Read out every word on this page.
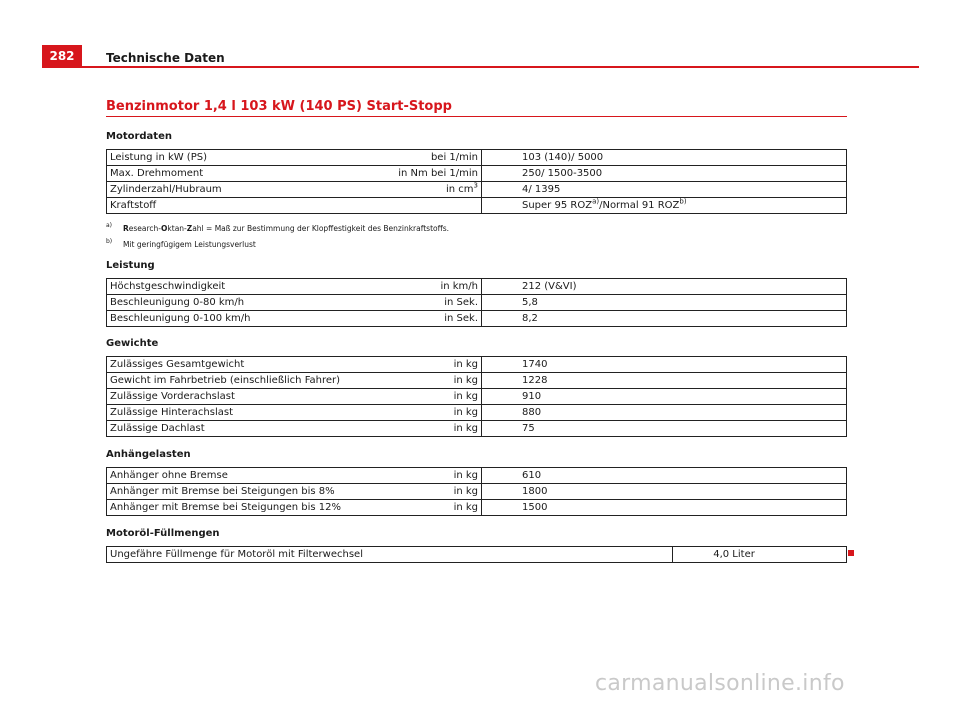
282	Technische Daten
Benzinmotor 1,4 l 103 kW (140 PS) Start-Stopp
Motordaten
Leistung in kW (PS)	bei 1/min	103 (140)/ 5000
Max. Drehmoment	in Nm bei 1/min	250/ 1500-3500
Zylinderzahl/Hubraum	in $cm^3$	4/ 1395
Kraftstoff		Super 95 ROZ$^{a)}$/Normal 91 ROZ$^{b)}$
a) Research-Oktan-Zahl = Maß zur Bestimmung der Klopffestigkeit des Benzinkraftstoffs.
b) Mit geringfügigem Leistungsverlust
Leistung
Höchstgeschwindigkeit	in km/h	212 (V&VI)
Beschleunigung 0-80 km/h	in Sek.	5,8
Beschleunigung 0-100 km/h	in Sek.	8,2
Gewichte
Zulässiges Gesamtgewicht	in kg	1740
Gewicht im Fahrbetrieb (einschließlich Fahrer)	in kg	1228
Zulässige Vorderachslast	in kg	910
Zulässige Hinterachslast	in kg	880
Zulässige Dachlast	in kg	75
Anhängelasten
Anhänger ohne Bremse	in kg	610
Anhänger mit Bremse bei Steigungen bis 8%	in kg	1800
Anhänger mit Bremse bei Steigungen bis 12%	in kg	1500
Motoröl-Füllmengen
Ungefähre Füllmenge für Motoröl mit Filterwechsel	4,0 Liter
carmanualsonline.info
